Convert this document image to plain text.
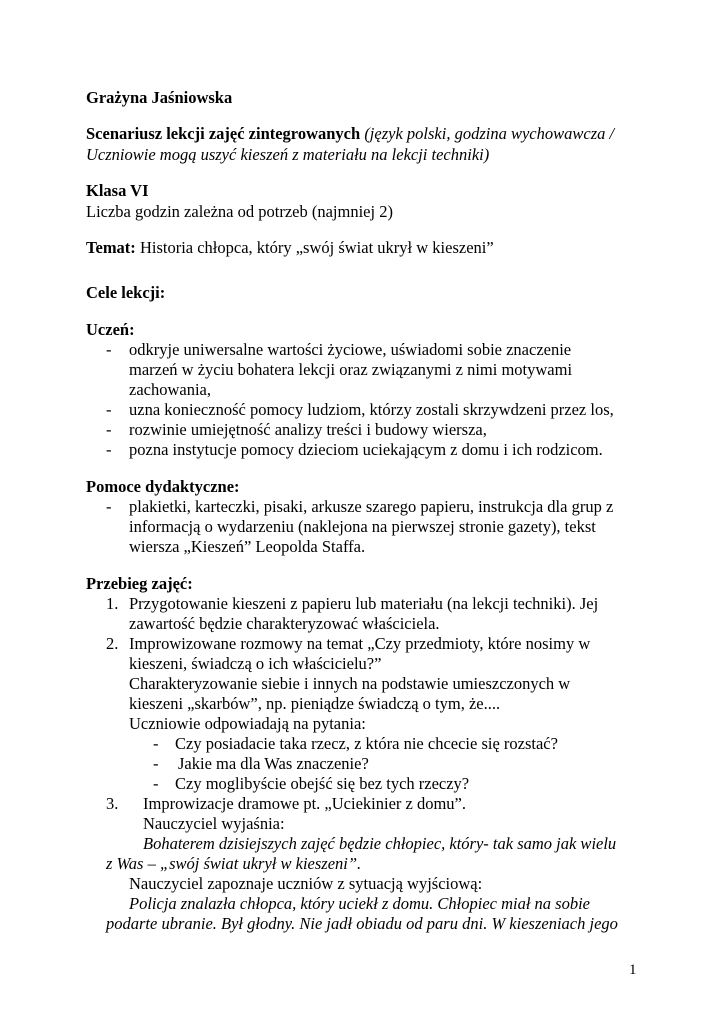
Grażyna Jaśniowska
Scenariusz lekcji zajęć zintegrowanych (język polski, godzina wychowawcza /
Uczniowie mogą uszyć kieszeń z materiału na lekcji techniki)
Klasa VI
Liczba godzin zależna od potrzeb (najmniej 2)
Temat: Historia chłopca, który „swój świat ukrył w kieszeni”
Cele lekcji:
Uczeń:
- odkryje uniwersalne wartości życiowe, uświadomi sobie znaczenie
marzeń w życiu bohatera lekcji oraz związanymi z nimi motywami
zachowania,
- uzna konieczność pomocy ludziom, którzy zostali skrzywdzeni przez los,
- rozwinie umiejętność analizy treści i budowy wiersza,
- pozna instytucje pomocy dzieciom uciekającym z domu i ich rodzicom.
Pomoce dydaktyczne:
- plakietki, karteczki, pisaki, arkusze szarego papieru, instrukcja dla grup z
informacją o wydarzeniu (naklejona na pierwszej stronie gazety), tekst
wiersza „Kieszeń” Leopolda Staffa.
Przebieg zajęć:
1. Przygotowanie kieszeni z papieru lub materiału (na lekcji techniki). Jej
zawartość będzie charakteryzować właściciela.
2. Improwizowane rozmowy na temat „Czy przedmioty, które nosimy w
kieszeni, świadczą o ich właścicielu?”
Charakteryzowanie siebie i innych na podstawie umieszczonych w
kieszeni „skarbów”, np. pieniądze świadczą o tym, że....
Uczniowie odpowiadają na pytania:
- Czy posiadacie taka rzecz, z która nie chcecie się rozstać?
- Jakie ma dla Was znaczenie?
- Czy moglibyście obejść się bez tych rzeczy?
3. Improwizacje dramowe pt. „Uciekinier z domu”.
Nauczyciel wyjaśnia:
Bohaterem dzisiejszych zajęć będzie chłopiec, który- tak samo jak wielu
z Was – „swój świat ukrył w kieszeni”.
Nauczyciel zapoznaje uczniów z sytuacją wyjściową:
Policja znalazła chłopca, który uciekł z domu. Chłopiec miał na sobie
podarte ubranie. Był głodny. Nie jadł obiadu od paru dni. W kieszeniach jego
1
